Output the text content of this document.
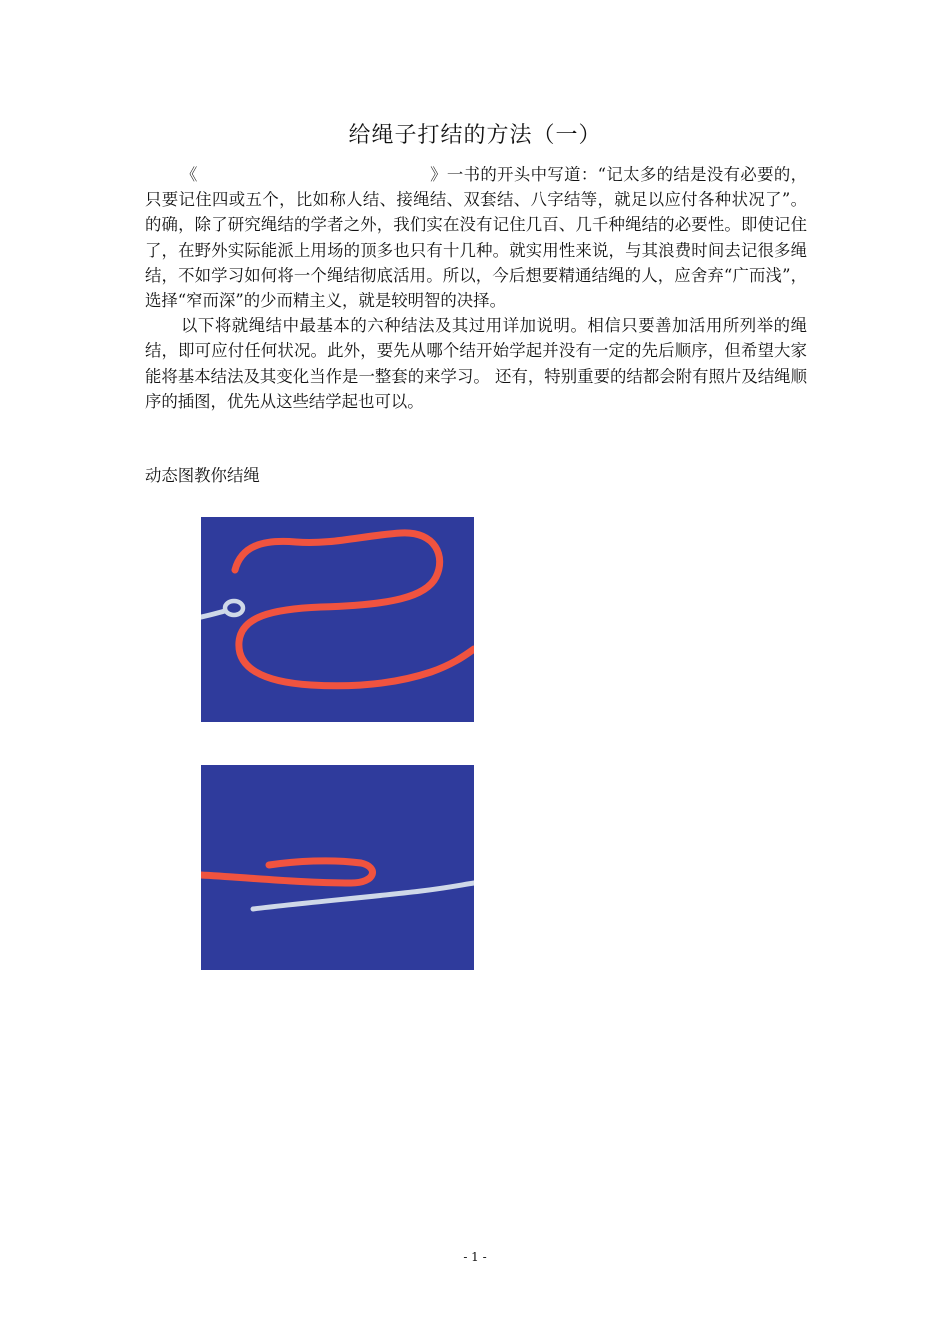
给绳子打结的方法（一）

《	》一书的开头中写道：“记太多的结是没有必要的，只要记住四或五个，比如称人结、接绳结、双套结、八字结等，就足以应付各种状况了”。的确，除了研究绳结的学者之外，我们实在没有记住几百、几千种绳结的必要性。即使记住了，在野外实际能派上用场的顶多也只有十几种。就实用性来说，与其浪费时间去记很多绳结，不如学习如何将一个绳结彻底活用。所以，今后想要精通结绳的人，应舍弃“广而浅”，选择“窄而深”的少而精主义，就是较明智的决择。

以下将就绳结中最基本的六种结法及其过用详加说明。相信只要善加活用所列举的绳结，即可应付任何状况。此外，要先从哪个结开始学起并没有一定的先后顺序，但希望大家能将基本结法及其变化当作是一整套的来学习。 还有，特别重要的结都会附有照片及结绳顺序的插图，优先从这些结学起也可以。

动态图教你结绳
- 1 -
